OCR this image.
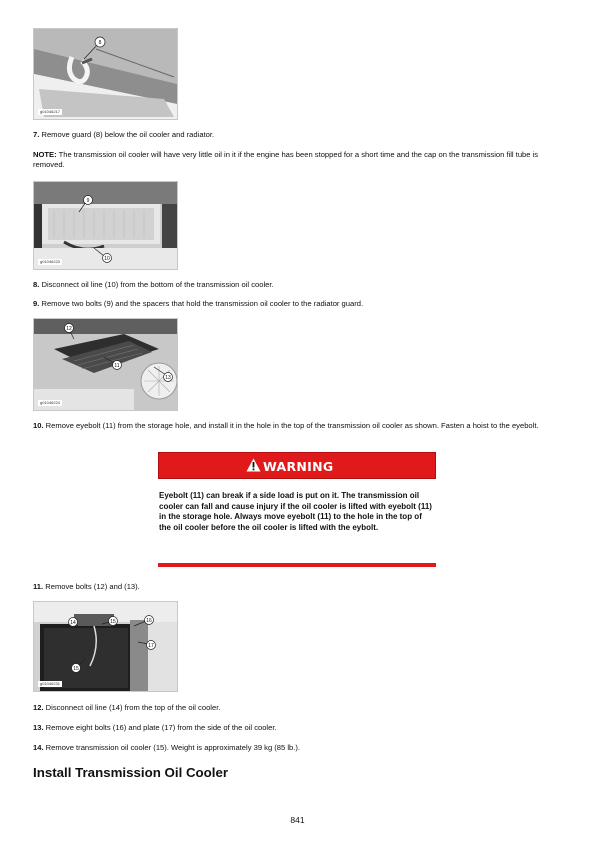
8
g01046217
7. Remove guard (8) below the oil cooler and radiator.
NOTE: The transmission oil cooler will have very little oil in it if the engine has been stopped for a short time and the cap on the transmission fill tube is removed.
9
10
g01046223
8. Disconnect oil line (10) from the bottom of the transmission oil cooler.
9. Remove two bolts (9) and the spacers that hold the transmission oil cooler to the radiator guard.
12
11
13
g01046224
10. Remove eyebolt (11) from the storage hole, and install it in the hole in the top of the transmission oil cooler as shown. Fasten a hoist to the eyebolt.
WARNING
Eyebolt (11) can break if a side load is put on it. The transmission oil cooler can fall and cause injury if the oil cooler is lifted with eyebolt (11) in the storage hole. Always move eyebolt (11) to the hole in the top of the oil cooler before the oil cooler is lifted with the eybolt.
11. Remove bolts (12) and (13).
14	15	16
17
15
g01046231
12. Disconnect oil line (14) from the top of the oil cooler.
13. Remove eight bolts (16) and plate (17) from the side of the oil cooler.
14. Remove transmission oil cooler (15). Weight is approximately 39 kg (85 lb.).
Install Transmission Oil Cooler
841
